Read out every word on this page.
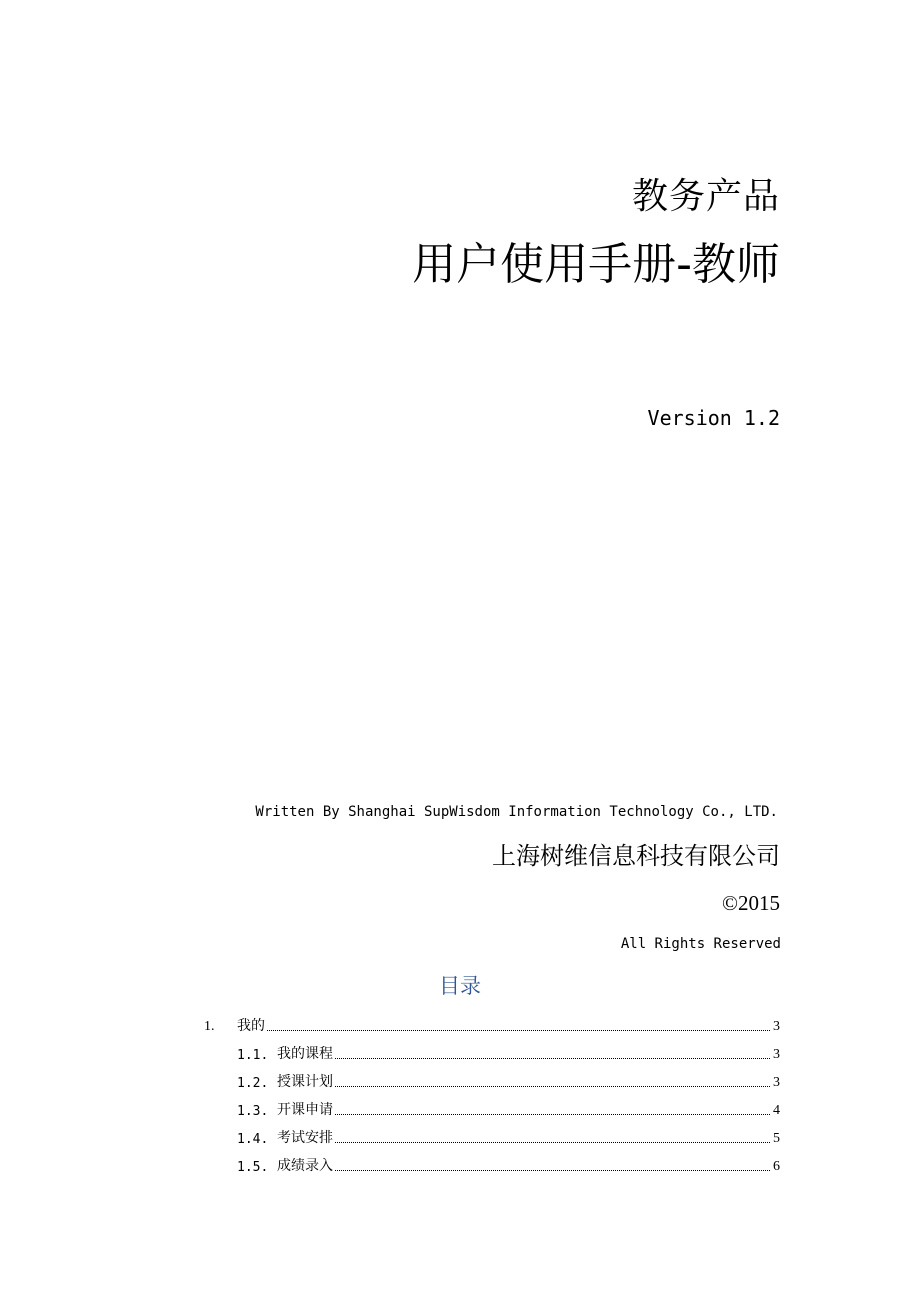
教务产品
用户使用手册-教师
Version 1.2
Written By Shanghai SupWisdom Information Technology Co., LTD.
上海树维信息科技有限公司
©2015
All Rights Reserved
目录
1.	我的	3
1.1. 我的课程	3
1.2. 授课计划	3
1.3. 开课申请	4
1.4. 考试安排	5
1.5. 成绩录入	6
